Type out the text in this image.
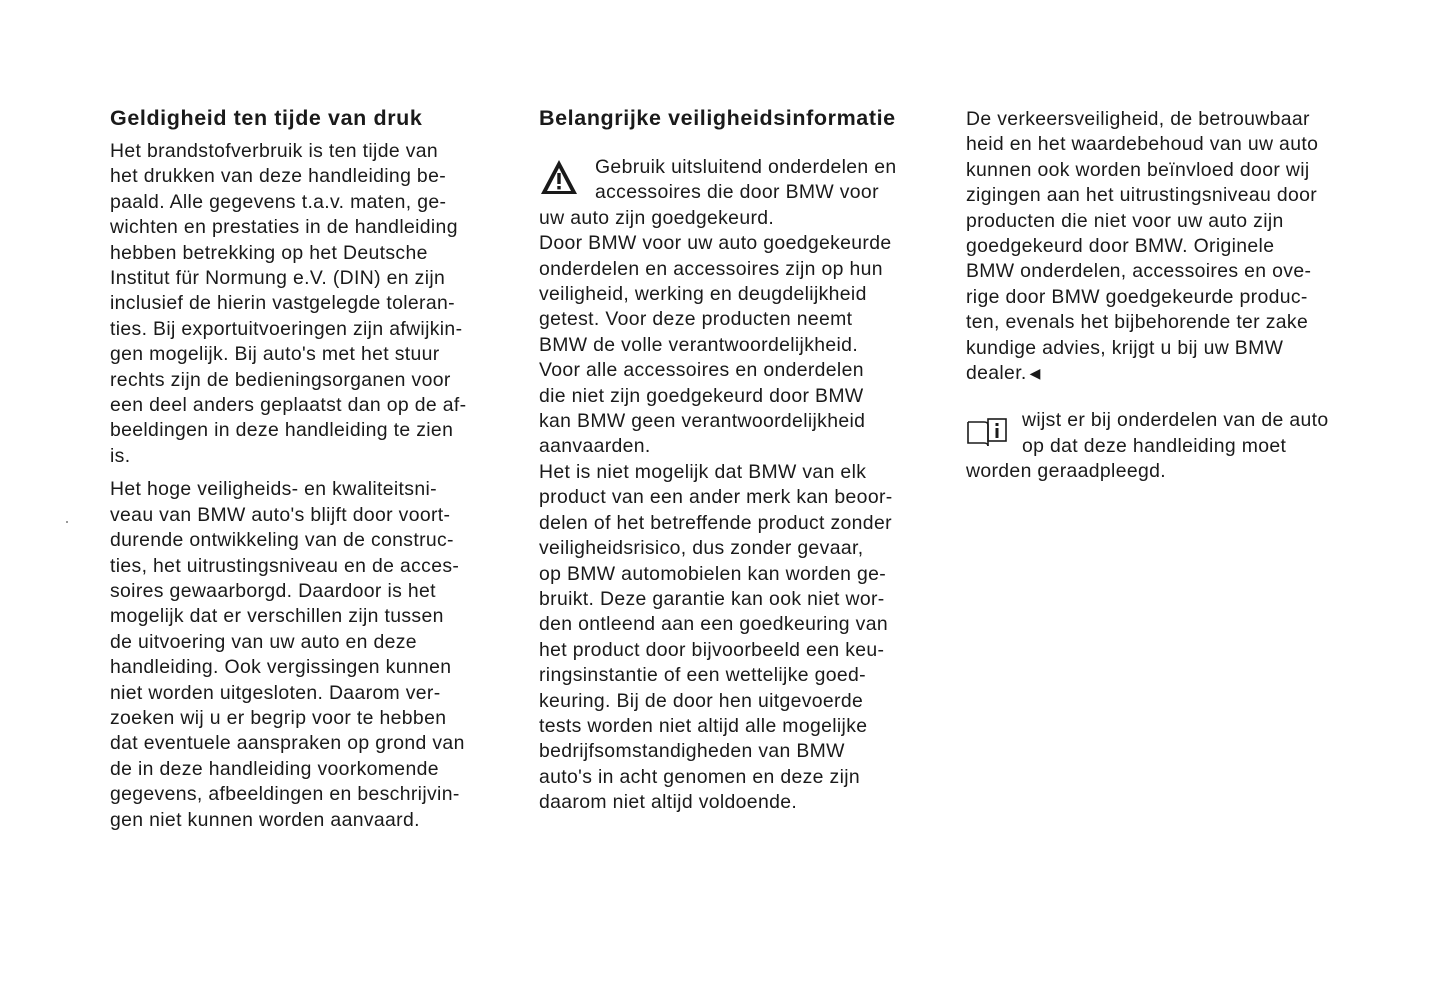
Geldigheid ten tijde van druk
Het brandstofverbruik is ten tijde van
het drukken van deze handleiding be-
paald. Alle gegevens t.a.v. maten, ge-
wichten en prestaties in de handleiding
hebben betrekking op het Deutsche
Institut für Normung e.V. (DIN) en zijn
inclusief de hierin vastgelegde toleran-
ties. Bij exportuitvoeringen zijn afwijkin-
gen mogelijk. Bij auto's met het stuur
rechts zijn de bedieningsorganen voor
een deel anders geplaatst dan op de af-
beeldingen in deze handleiding te zien
is.
Het hoge veiligheids- en kwaliteitsni-
veau van BMW auto's blijft door voort-
durende ontwikkeling van de construc-
ties, het uitrustingsniveau en de acces-
soires gewaarborgd. Daardoor is het
mogelijk dat er verschillen zijn tussen
de uitvoering van uw auto en deze
handleiding. Ook vergissingen kunnen
niet worden uitgesloten. Daarom ver-
zoeken wij u er begrip voor te hebben
dat eventuele aanspraken op grond van
de in deze handleiding voorkomende
gegevens, afbeeldingen en beschrijvin-
gen niet kunnen worden aanvaard.
Belangrijke veiligheidsinformatie
Gebruik uitsluitend onderdelen en
accessoires die door BMW voor
uw auto zijn goedgekeurd.
Door BMW voor uw auto goedgekeurde
onderdelen en accessoires zijn op hun
veiligheid, werking en deugdelijkheid
getest. Voor deze producten neemt
BMW de volle verantwoordelijkheid.
Voor alle accessoires en onderdelen
die niet zijn goedgekeurd door BMW
kan BMW geen verantwoordelijkheid
aanvaarden.
Het is niet mogelijk dat BMW van elk
product van een ander merk kan beoor-
delen of het betreffende product zonder
veiligheidsrisico, dus zonder gevaar,
op BMW automobielen kan worden ge-
bruikt. Deze garantie kan ook niet wor-
den ontleend aan een goedkeuring van
het product door bijvoorbeeld een keu-
ringsinstantie of een wettelijke goed-
keuring. Bij de door hen uitgevoerde
tests worden niet altijd alle mogelijke
bedrijfsomstandigheden van BMW
auto's in acht genomen en deze zijn
daarom niet altijd voldoende.
De verkeersveiligheid, de betrouwbaar
heid en het waardebehoud van uw auto
kunnen ook worden beïnvloed door wij
zigingen aan het uitrustingsniveau door
producten die niet voor uw auto zijn
goedgekeurd door BMW. Originele
BMW onderdelen, accessoires en ove-
rige door BMW goedgekeurde produc-
ten, evenals het bijbehorende ter zake
kundige advies, krijgt u bij uw BMW
dealer. ◀
wijst er bij onderdelen van de auto
op dat deze handleiding moet
worden geraadpleegd.
